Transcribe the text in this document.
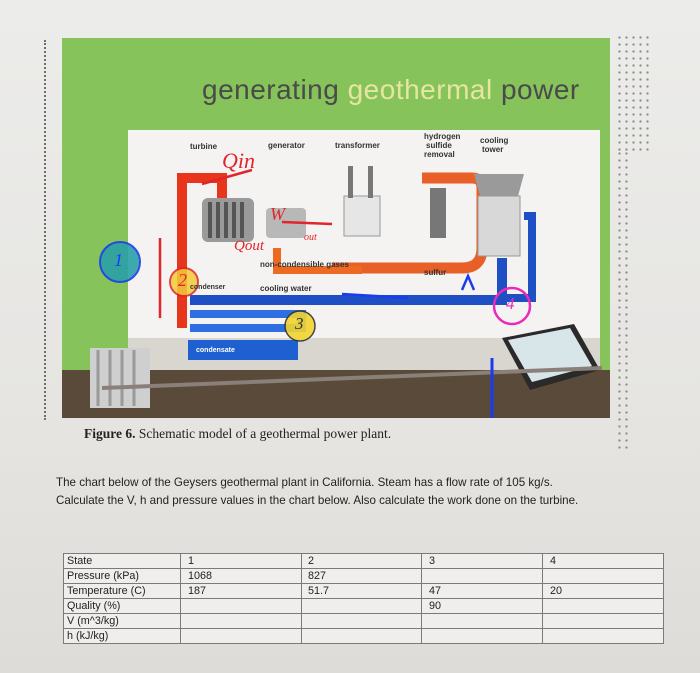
generating geothermal power
turbine	generator	transformer
hydrogen
sulfide
removal
cooling
tower
non-condensible gases
sulfur
condenser	cooling water
condensate
Qin
W
out
Qout
1
2
3
4
Figure 6. Schematic model of a geothermal power plant.
The chart below of the Geysers geothermal plant in California. Steam has a flow rate of 105 kg/s.
Calculate the V, h and pressure values in the chart below. Also calculate the work done on the turbine.
State	1	2	3	4
Pressure (kPa)	1068	827		
Temperature (C)	187	51.7	47	20
Quality (%)			90	
V (m^3/kg)				
h (kJ/kg)				
